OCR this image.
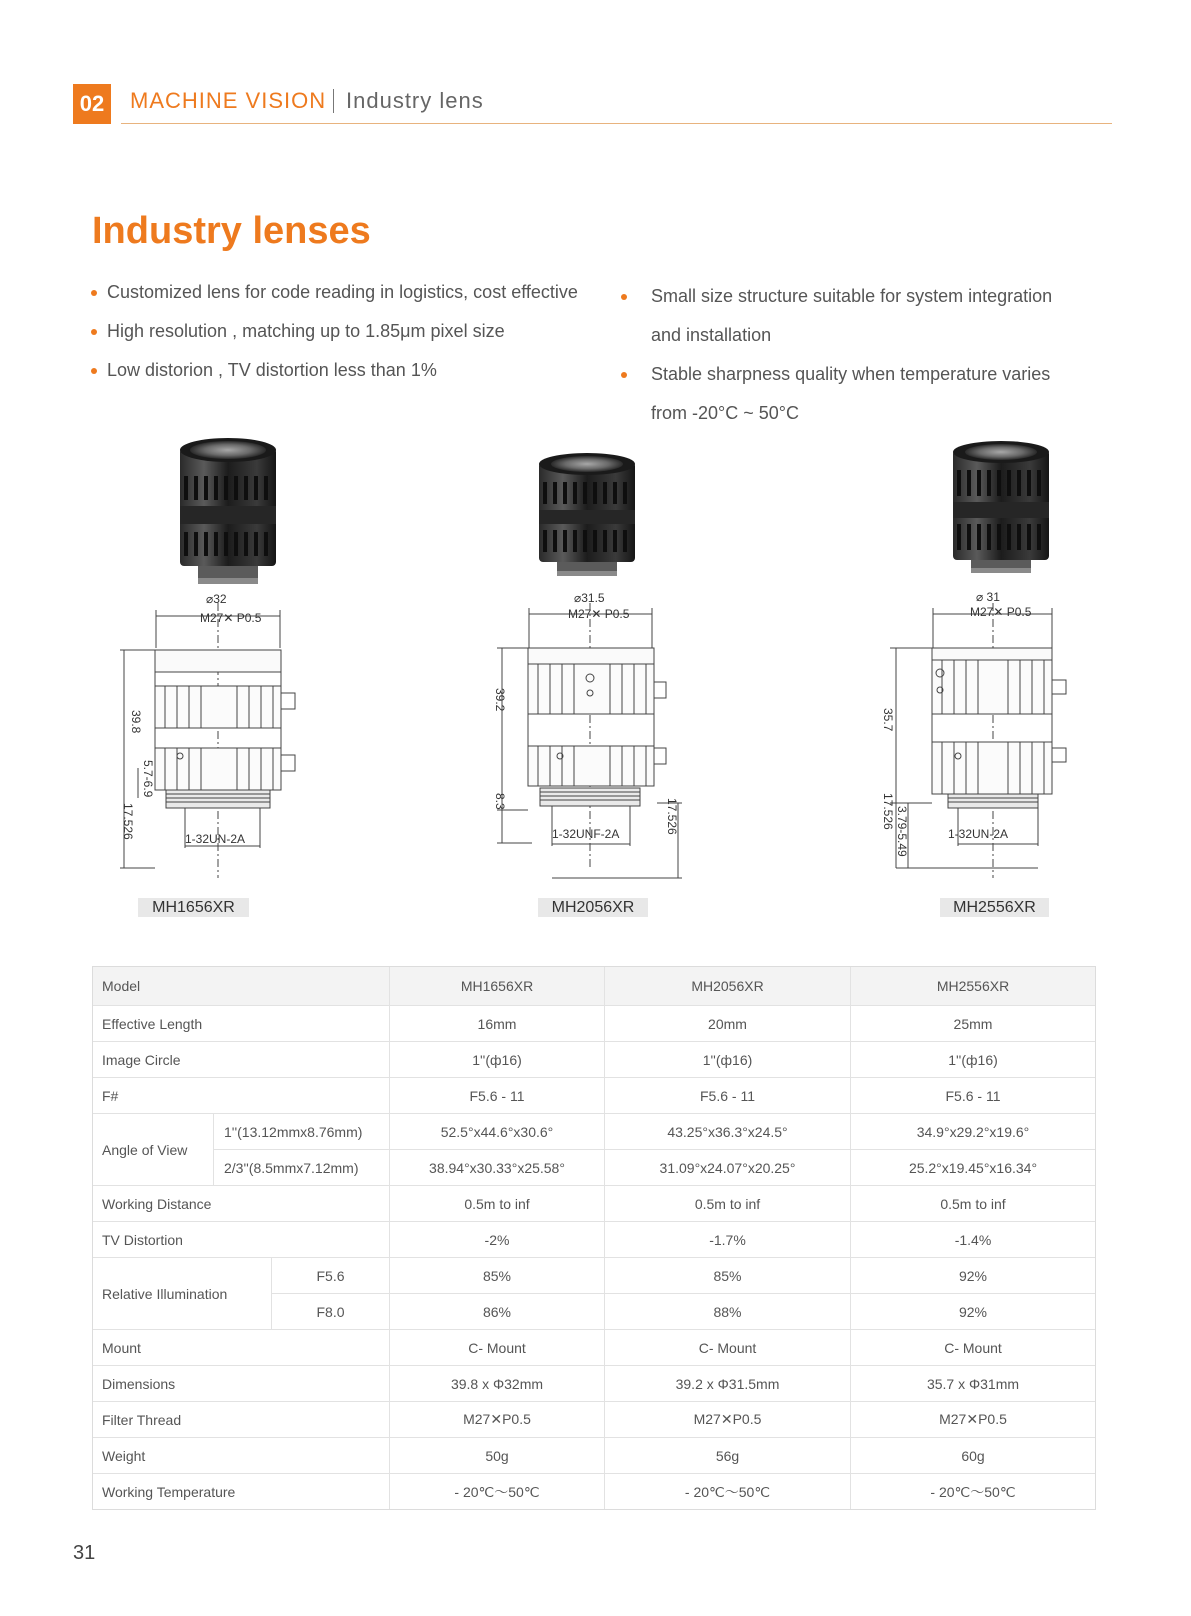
02	MACHINE VISION Industry lens
Industry lenses
Customized lens for code reading in logistics, cost effective
High resolution , matching up to 1.85μm pixel size
Low distorion , TV distortion less than 1%
Small size structure suitable for system integration
and installation
Stable sharpness quality when temperature varies
from -20°C ~ 50°C
⌀32
M27✕ P0.5
1-32UN-2A
39.8
5.7-6.9
17.526
⌀31.5
M27✕ P0.5
1-32UNF-2A
39.2
8.3	17.526
⌀ 31
M27✕ P0.5
1-32UN-2A
35.7
17.526 3.79-5.49
MH1656XR	MH2056XR	MH2556XR
Model	MH1656XR	MH2056XR	MH2556XR
Effective Length	16mm	20mm	25mm
Image Circle	1''(ф16)	1''(ф16)	1''(ф16)
F#	F5.6 - 11	F5.6 - 11	F5.6 - 11
Angle of View
1''(13.12mmx8.76mm)	52.5°x44.6°x30.6°	43.25°x36.3°x24.5°	34.9°x29.2°x19.6°
2/3''(8.5mmx7.12mm)	38.94°x30.33°x25.58°	31.09°x24.07°x20.25°	25.2°x19.45°x16.34°
Working Distance	0.5m to inf	0.5m to inf	0.5m to inf
TV Distortion	-2%	-1.7%	-1.4%
Relative Illumination
F5.6	85%	85%	92%
F8.0	86%	88%	92%
Mount	C- Mount	C- Mount	C- Mount
Dimensions	39.8 x Φ32mm	39.2 x Φ31.5mm	35.7 x Φ31mm
Filter Thread	M27✕P0.5	M27✕P0.5	M27✕P0.5
Weight	50g	56g	60g
Working Temperature	- 20℃～50℃	- 20℃～50℃	- 20℃～50℃
31
